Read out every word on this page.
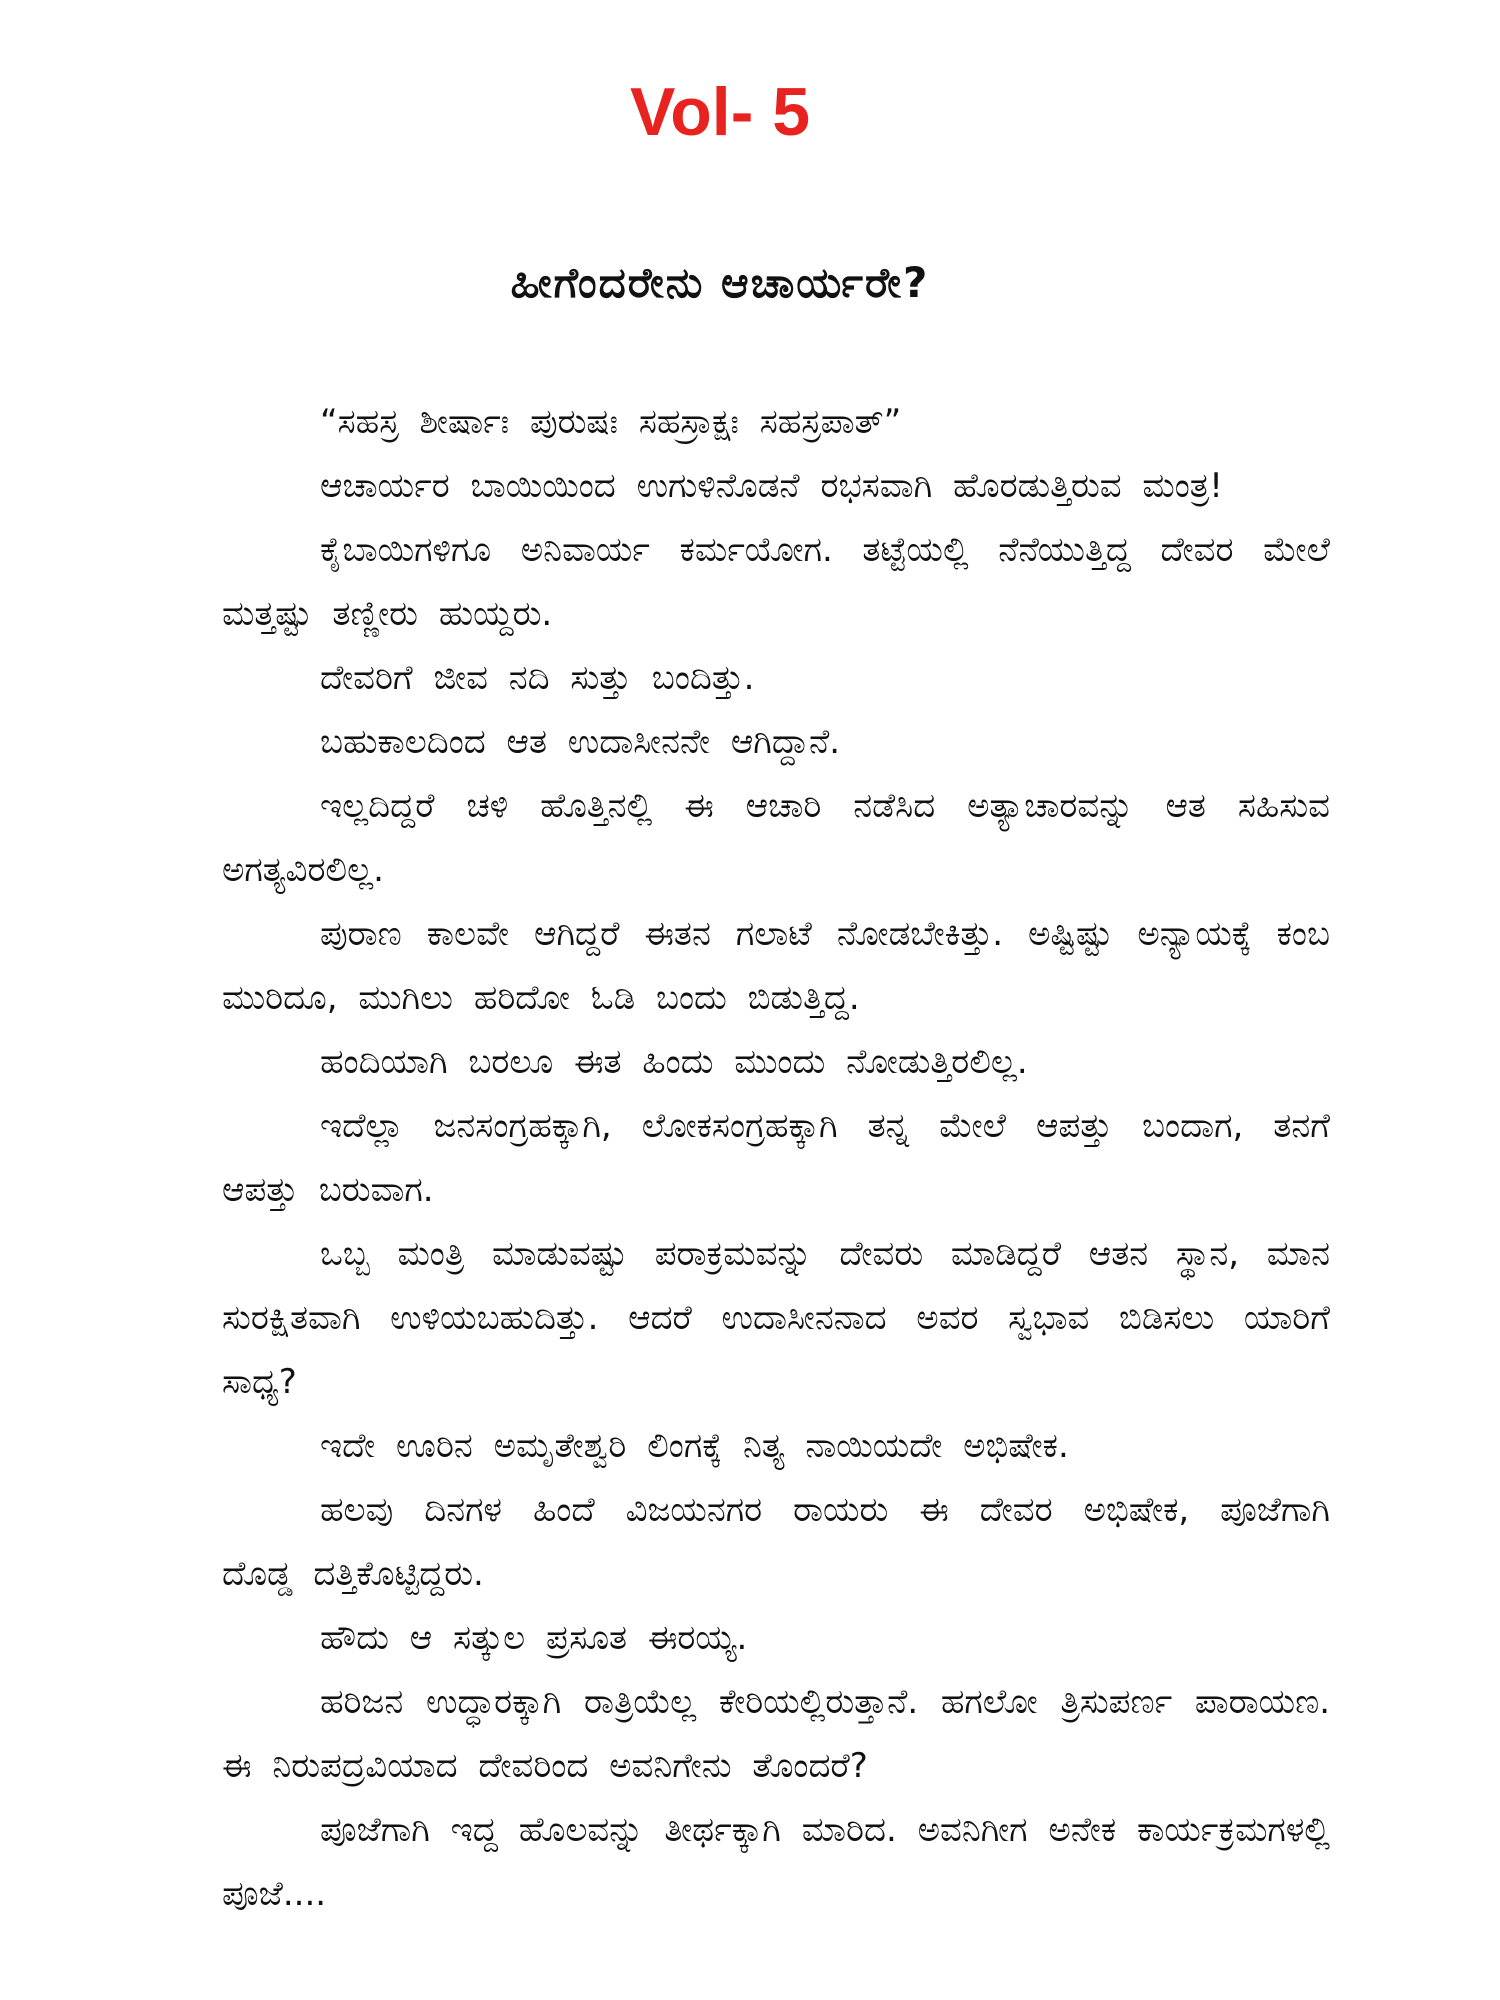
Vol- 5
ಹೀಗೆಂದರೇನು ಆಚಾರ್ಯರೇ?

“ಸಹಸ್ರ ಶೀರ್ಷಾಃ ಪುರುಷಃ ಸಹಸ್ರಾಕ್ಷಃ ಸಹಸ್ರಪಾತ್”

ಆಚಾರ್ಯರ ಬಾಯಿಯಿಂದ ಉಗುಳಿನೊಡನೆ ರಭಸವಾಗಿ ಹೊರಡುತ್ತಿರುವ ಮಂತ್ರ!

ಕೈಬಾಯಿಗಳಿಗೂ ಅನಿವಾರ್ಯ ಕರ್ಮಯೋಗ. ತಟ್ಟೆಯಲ್ಲಿ ನೆನೆಯುತ್ತಿದ್ದ ದೇವರ ಮೇಲೆ ಮತ್ತಷ್ಟು ತಣ್ಣೀರು ಹುಯ್ದರು.

ದೇವರಿಗೆ ಜೀವ ನದಿ ಸುತ್ತು ಬಂದಿತ್ತು.

ಬಹುಕಾಲದಿಂದ ಆತ ಉದಾಸೀನನೇ ಆಗಿದ್ದಾನೆ.

ಇಲ್ಲದಿದ್ದರೆ ಚಳಿ ಹೊತ್ತಿನಲ್ಲಿ ಈ ಆಚಾರಿ ನಡೆಸಿದ ಅತ್ಯಾಚಾರವನ್ನು ಆತ ಸಹಿಸುವ ಅಗತ್ಯವಿರಲಿಲ್ಲ.

ಪುರಾಣ ಕಾಲವೇ ಆಗಿದ್ದರೆ ಈತನ ಗಲಾಟೆ ನೋಡಬೇಕಿತ್ತು. ಅಷ್ಟಿಷ್ಟು ಅನ್ಯಾಯಕ್ಕೆ ಕಂಬ ಮುರಿದೂ, ಮುಗಿಲು ಹರಿದೋ ಓಡಿ ಬಂದು ಬಿಡುತ್ತಿದ್ದ.

ಹಂದಿಯಾಗಿ ಬರಲೂ ಈತ ಹಿಂದು ಮುಂದು ನೋಡುತ್ತಿರಲಿಲ್ಲ.

ಇದೆಲ್ಲಾ ಜನಸಂಗ್ರಹಕ್ಕಾಗಿ, ಲೋಕಸಂಗ್ರಹಕ್ಕಾಗಿ ತನ್ನ ಮೇಲೆ ಆಪತ್ತು ಬಂದಾಗ, ತನಗೆ ಆಪತ್ತು ಬರುವಾಗ.

ಒಬ್ಬ ಮಂತ್ರಿ ಮಾಡುವಷ್ಟು ಪರಾಕ್ರಮವನ್ನು ದೇವರು ಮಾಡಿದ್ದರೆ ಆತನ ಸ್ಥಾನ, ಮಾನ ಸುರಕ್ಷಿತವಾಗಿ ಉಳಿಯಬಹುದಿತ್ತು. ಆದರೆ ಉದಾಸೀನನಾದ ಅವರ ಸ್ವಭಾವ ಬಿಡಿಸಲು ಯಾರಿಗೆ ಸಾಧ್ಯ?

ಇದೇ ಊರಿನ ಅಮೃತೇಶ್ವರಿ ಲಿಂಗಕ್ಕೆ ನಿತ್ಯ ನಾಯಿಯದೇ ಅಭಿಷೇಕ.

ಹಲವು ದಿನಗಳ ಹಿಂದೆ ವಿಜಯನಗರ ರಾಯರು ಈ ದೇವರ ಅಭಿಷೇಕ, ಪೂಜೆಗಾಗಿ ದೊಡ್ಡ ದತ್ತಿಕೊಟ್ಟಿದ್ದರು.

ಹೌದು ಆ ಸತ್ಕುಲ ಪ್ರಸೂತ ಈರಯ್ಯ.

ಹರಿಜನ ಉದ್ಧಾರಕ್ಕಾಗಿ ರಾತ್ರಿಯೆಲ್ಲ ಕೇರಿಯಲ್ಲಿರುತ್ತಾನೆ. ಹಗಲೋ ತ್ರಿಸುಪರ್ಣ ಪಾರಾಯಣ. ಈ ನಿರುಪದ್ರವಿಯಾದ ದೇವರಿಂದ ಅವನಿಗೇನು ತೊಂದರೆ?

ಪೂಜೆಗಾಗಿ ಇದ್ದ ಹೊಲವನ್ನು ತೀರ್ಥಕ್ಕಾಗಿ ಮಾರಿದ. ಅವನಿಗೀಗ ಅನೇಕ ಕಾರ್ಯಕ್ರಮಗಳಲ್ಲಿ ಪೂಜೆ....
